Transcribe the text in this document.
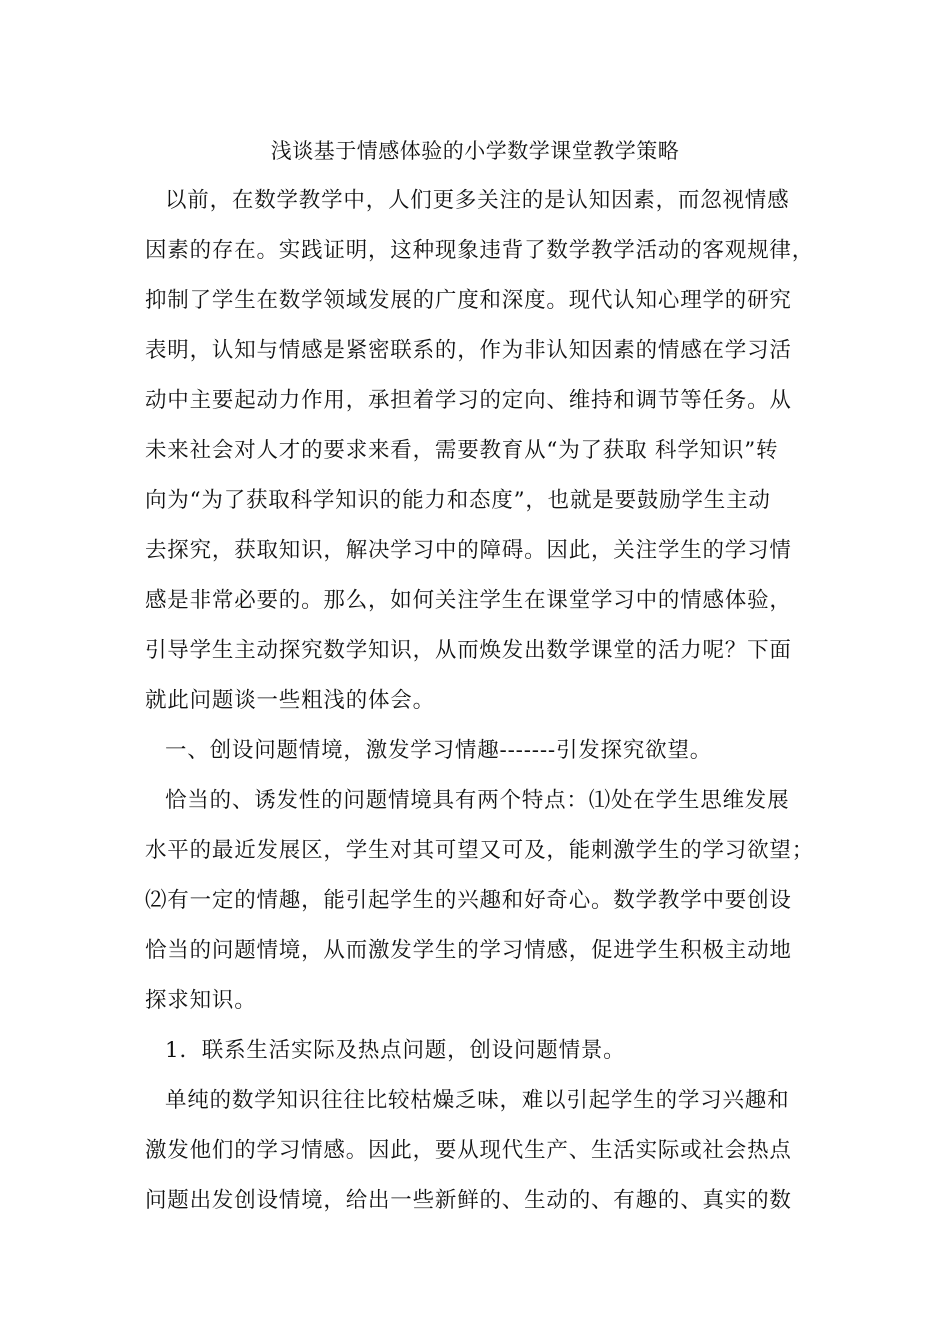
浅谈基于情感体验的小学数学课堂教学策略
以前，在数学教学中，人们更多关注的是认知因素，而忽视情感
因素的存在。实践证明，这种现象违背了数学教学活动的客观规律，
抑制了学生在数学领域发展的广度和深度。现代认知心理学的研究
表明，认知与情感是紧密联系的，作为非认知因素的情感在学习活
动中主要起动力作用，承担着学习的定向、维持和调节等任务。从
未来社会对人才的要求来看，需要教育从“为了获取 科学知识”转
向为“为了获取科学知识的能力和态度”，也就是要鼓励学生主动
去探究，获取知识，解决学习中的障碍。因此，关注学生的学习情
感是非常必要的。那么，如何关注学生在课堂学习中的情感体验，
引导学生主动探究数学知识，从而焕发出数学课堂的活力呢？下面
就此问题谈一些粗浅的体会。
一、创设问题情境，激发学习情趣-------引发探究欲望。
恰当的、诱发性的问题情境具有两个特点：⑴处在学生思维发展
水平的最近发展区，学生对其可望又可及，能刺激学生的学习欲望；
⑵有一定的情趣，能引起学生的兴趣和好奇心。数学教学中要创设
恰当的问题情境，从而激发学生的学习情感，促进学生积极主动地
探求知识。
1．联系生活实际及热点问题，创设问题情景。
单纯的数学知识往往比较枯燥乏味，难以引起学生的学习兴趣和
激发他们的学习情感。因此，要从现代生产、生活实际或社会热点
问题出发创设情境，给出一些新鲜的、生动的、有趣的、真实的数
